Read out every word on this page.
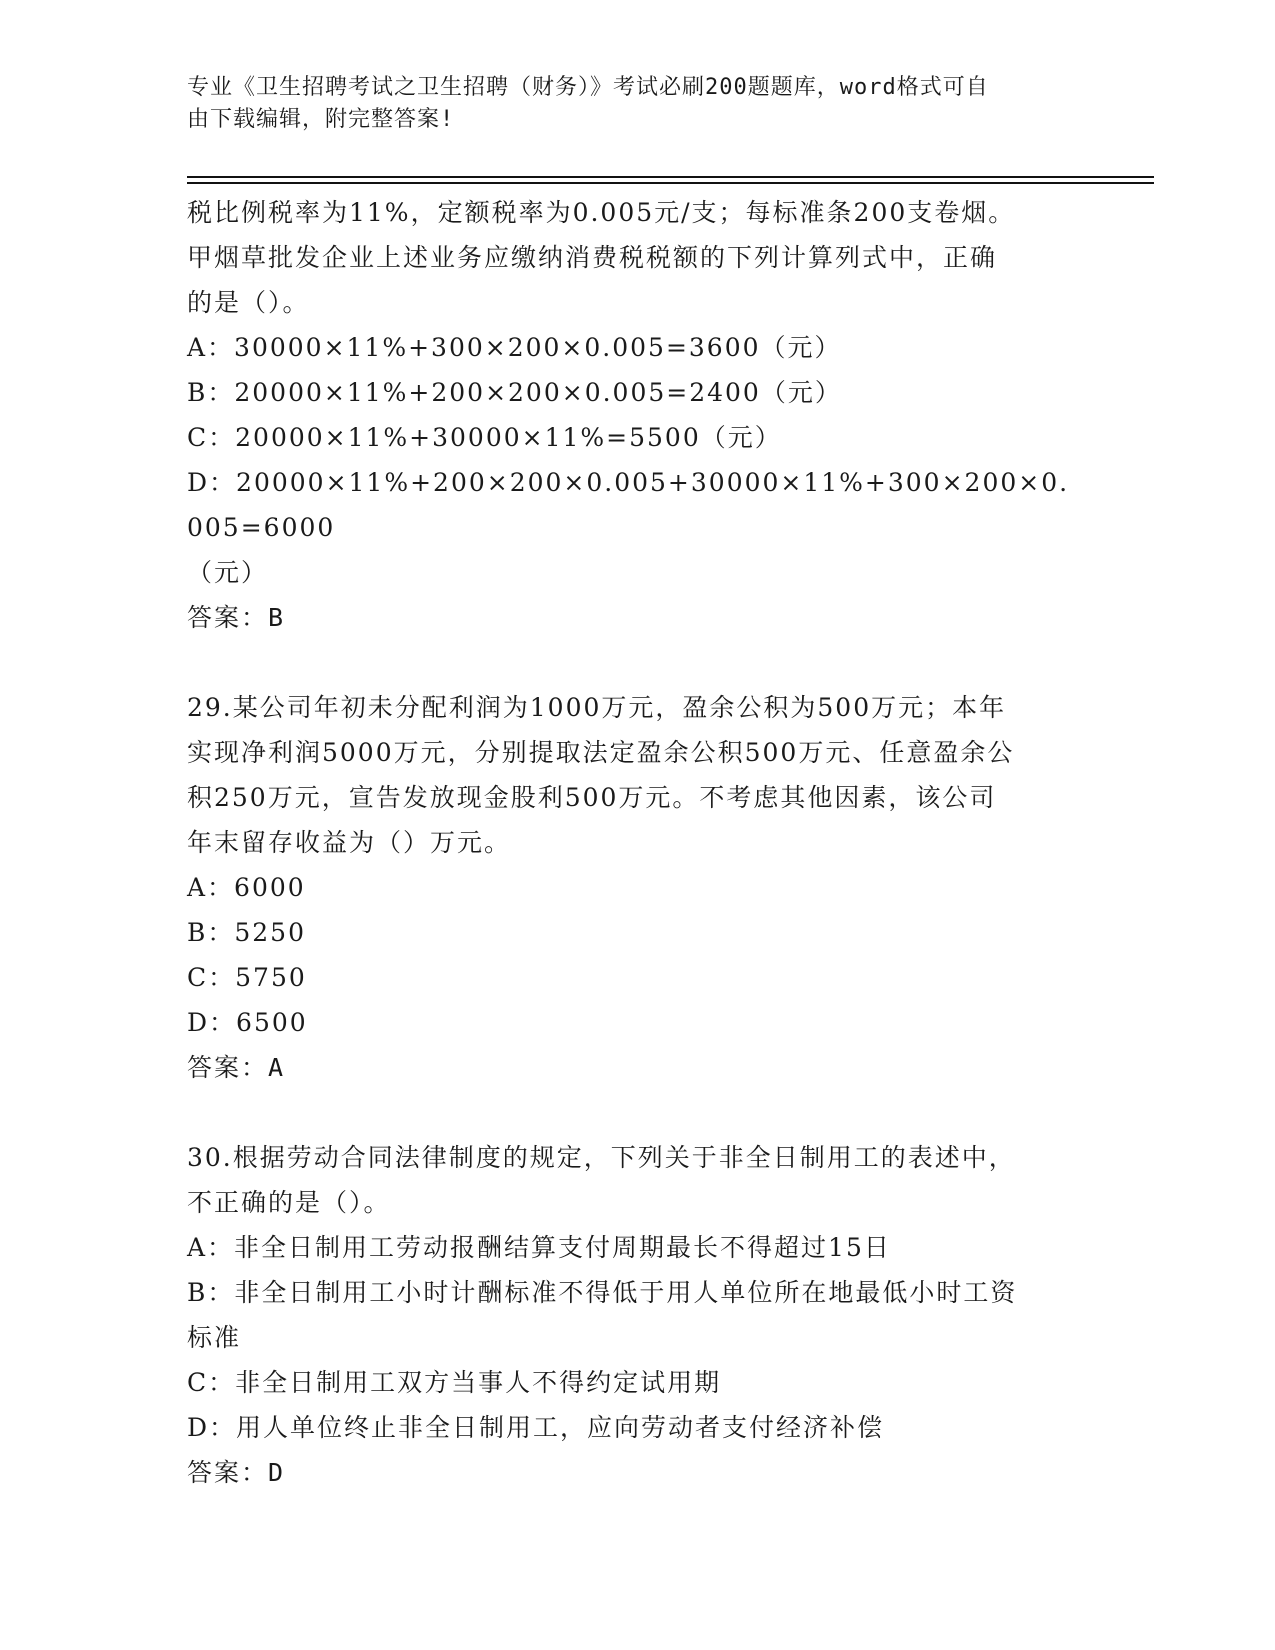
专业《卫生招聘考试之卫生招聘（财务）》考试必刷200题题库，word格式可自
由下载编辑，附完整答案!
税比例税率为11%，定额税率为0.005元/支；每标准条200支卷烟。
甲烟草批发企业上述业务应缴纳消费税税额的下列计算列式中，正确
的是（）。
A：30000×11%+300×200×0.005=3600（元）
B：20000×11%+200×200×0.005=2400（元）
C：20000×11%+30000×11%=5500（元）
D：20000×11%+200×200×0.005+30000×11%+300×200×0.005=6000
（元）
答案：B
29.某公司年初未分配利润为1000万元，盈余公积为500万元；本年
实现净利润5000万元，分别提取法定盈余公积500万元、任意盈余公
积250万元，宣告发放现金股利500万元。不考虑其他因素，该公司
年末留存收益为（）万元。
A：6000
B：5250
C：5750
D：6500
答案：A
30.根据劳动合同法律制度的规定，下列关于非全日制用工的表述中，
不正确的是（）。
A：非全日制用工劳动报酬结算支付周期最长不得超过15日
B：非全日制用工小时计酬标准不得低于用人单位所在地最低小时工资
标准
C：非全日制用工双方当事人不得约定试用期
D：用人单位终止非全日制用工，应向劳动者支付经济补偿
答案：D
